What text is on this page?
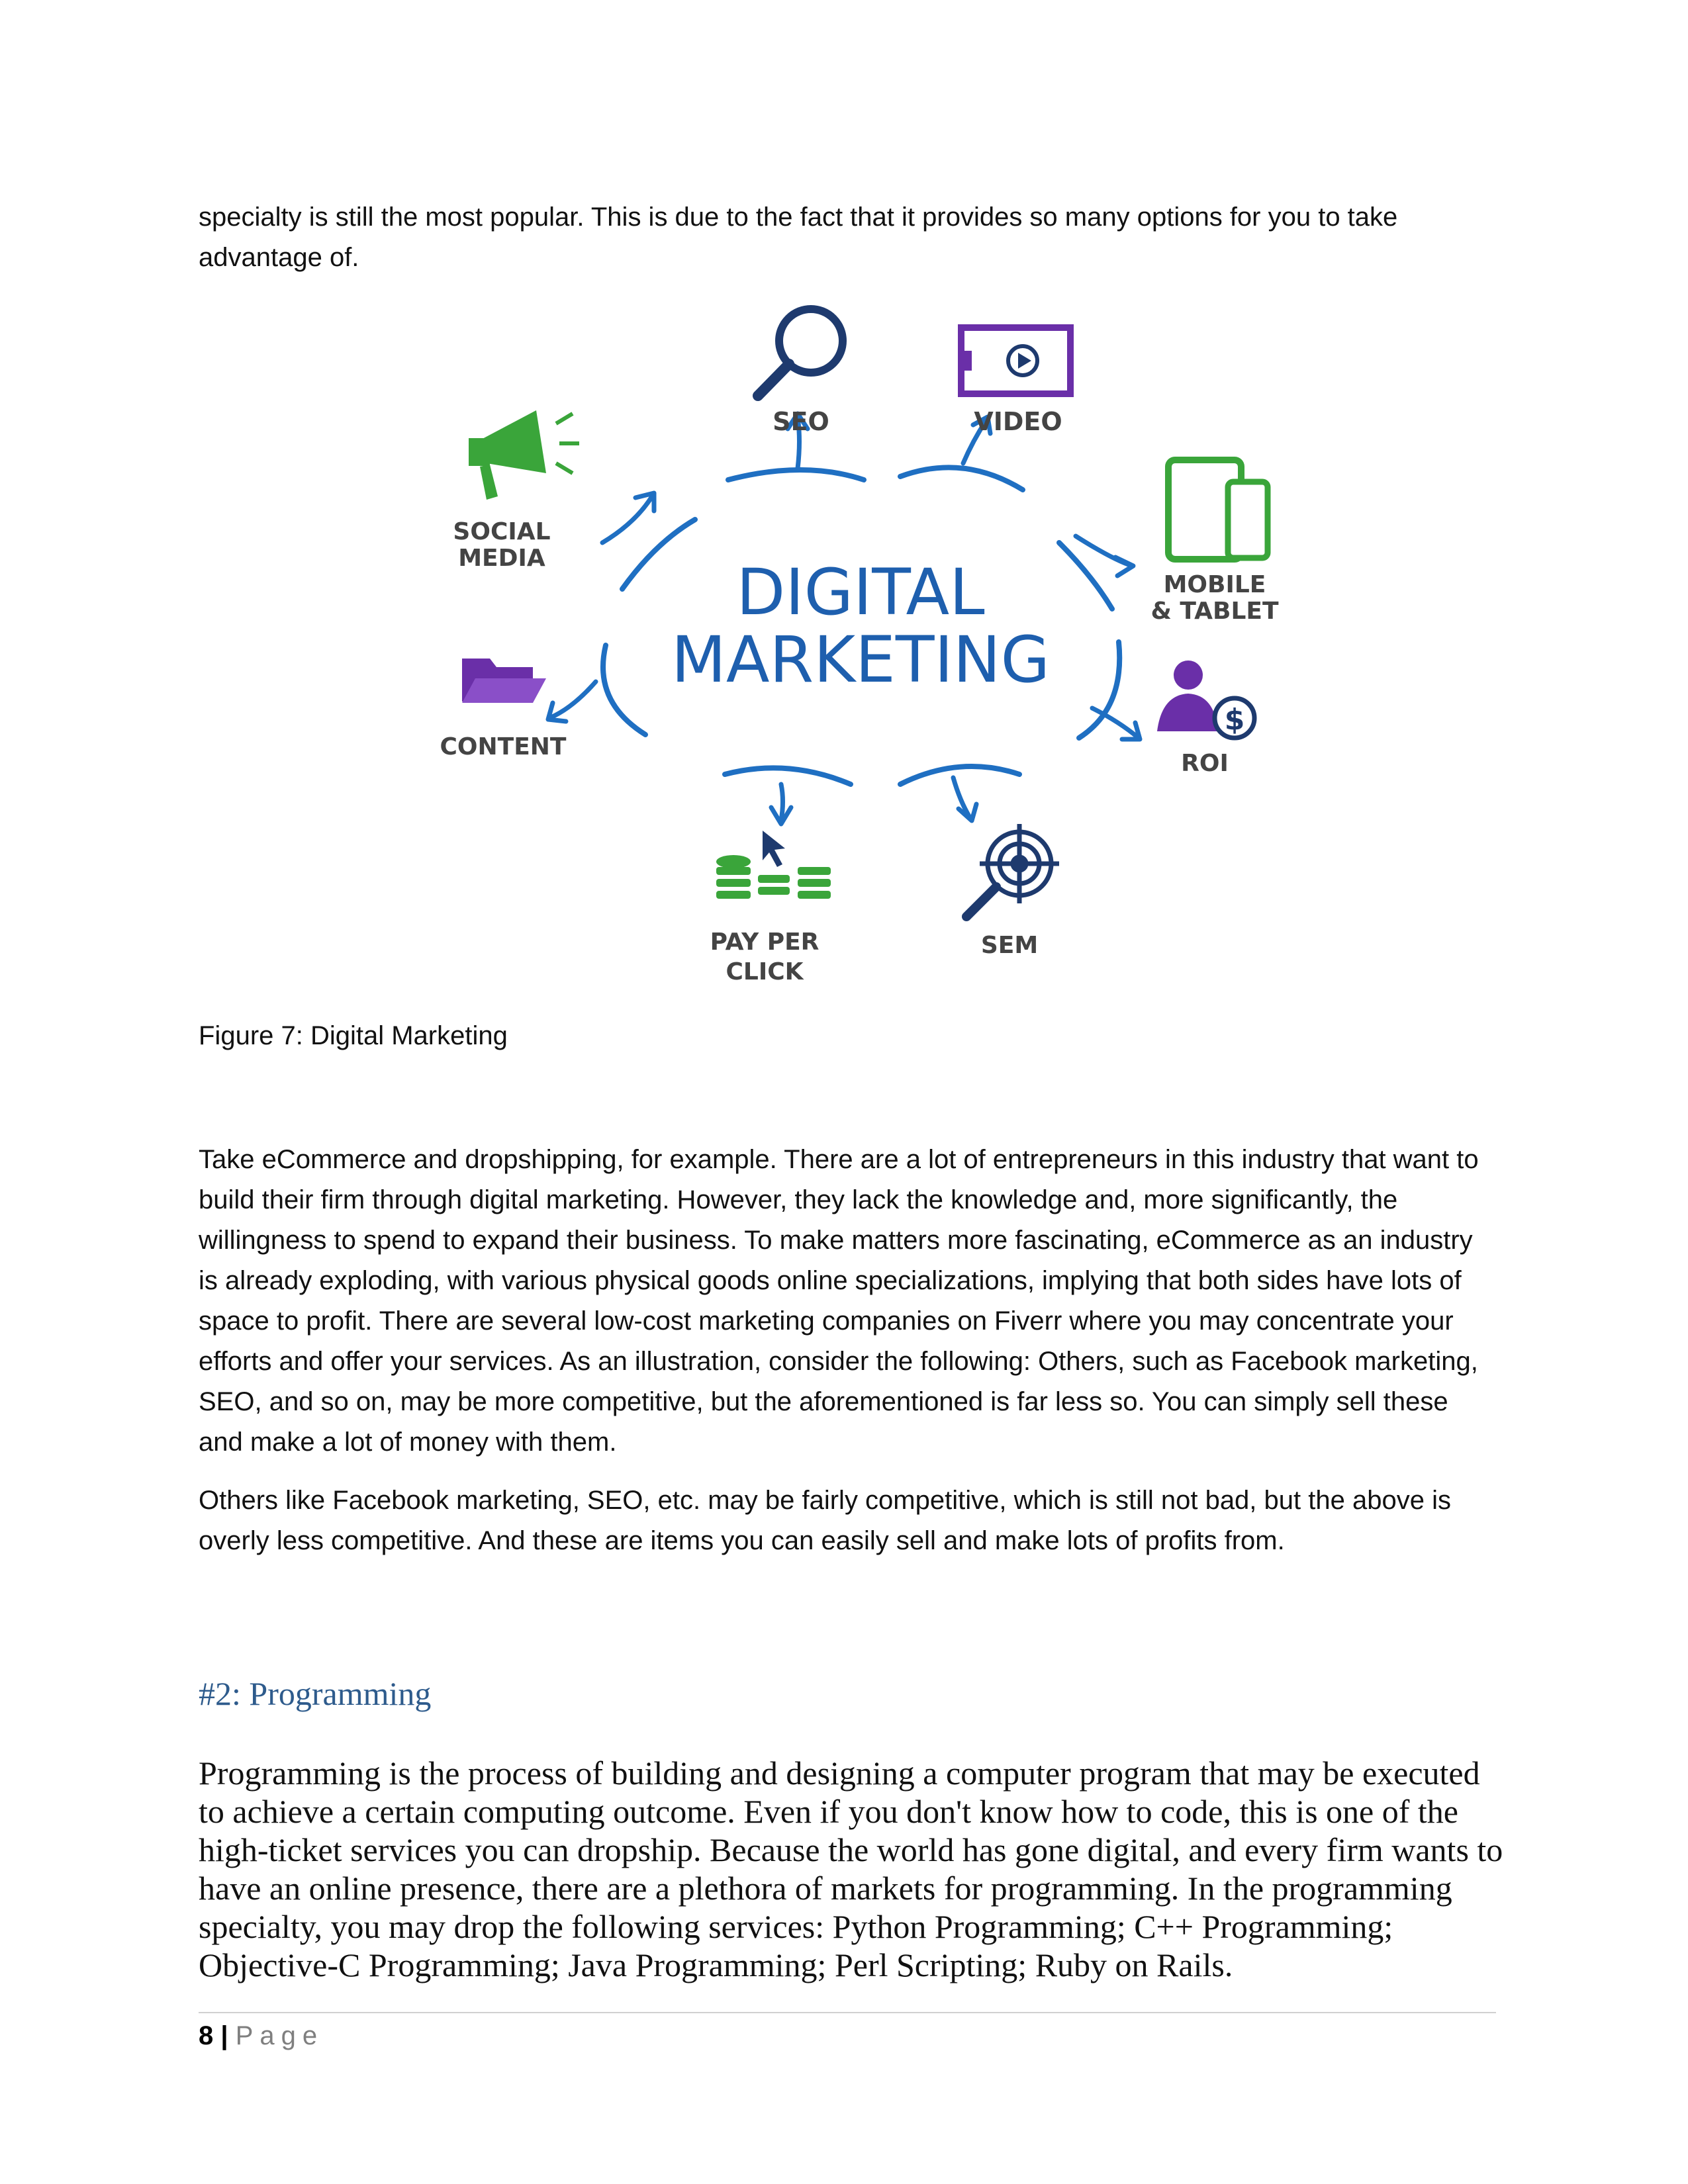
specialty is still the most popular. This is due to the fact that it provides so many options for you to take advantage of.

DIGITAL
MARKETING
SEO	VIDEO
SOCIAL
MEDIA
MOBILE
& TABLET
CONTENT
$
ROI
PAY PER
CLICK
SEM

Figure 7: Digital Marketing

Take eCommerce and dropshipping, for example. There are a lot of entrepreneurs in this industry that want to build their firm through digital marketing. However, they lack the knowledge and, more significantly, the willingness to spend to expand their business. To make matters more fascinating, eCommerce as an industry is already exploding, with various physical goods online specializations, implying that both sides have lots of space to profit. There are several low-cost marketing companies on Fiverr where you may concentrate your efforts and offer your services. As an illustration, consider the following: Others, such as Facebook marketing, SEO, and so on, may be more competitive, but the aforementioned is far less so. You can simply sell these and make a lot of money with them.

Others like Facebook marketing, SEO, etc. may be fairly competitive, which is still not bad, but the above is overly less competitive. And these are items you can easily sell and make lots of profits from.

#2: Programming

Programming is the process of building and designing a computer program that may be executed to achieve a certain computing outcome. Even if you don't know how to code, this is one of the high-ticket services you can dropship. Because the world has gone digital, and every firm wants to have an online presence, there are a plethora of markets for programming. In the programming specialty, you may drop the following services: Python Programming; C++ Programming; Objective-C Programming; Java Programming; Perl Scripting; Ruby on Rails.

8 | Page
